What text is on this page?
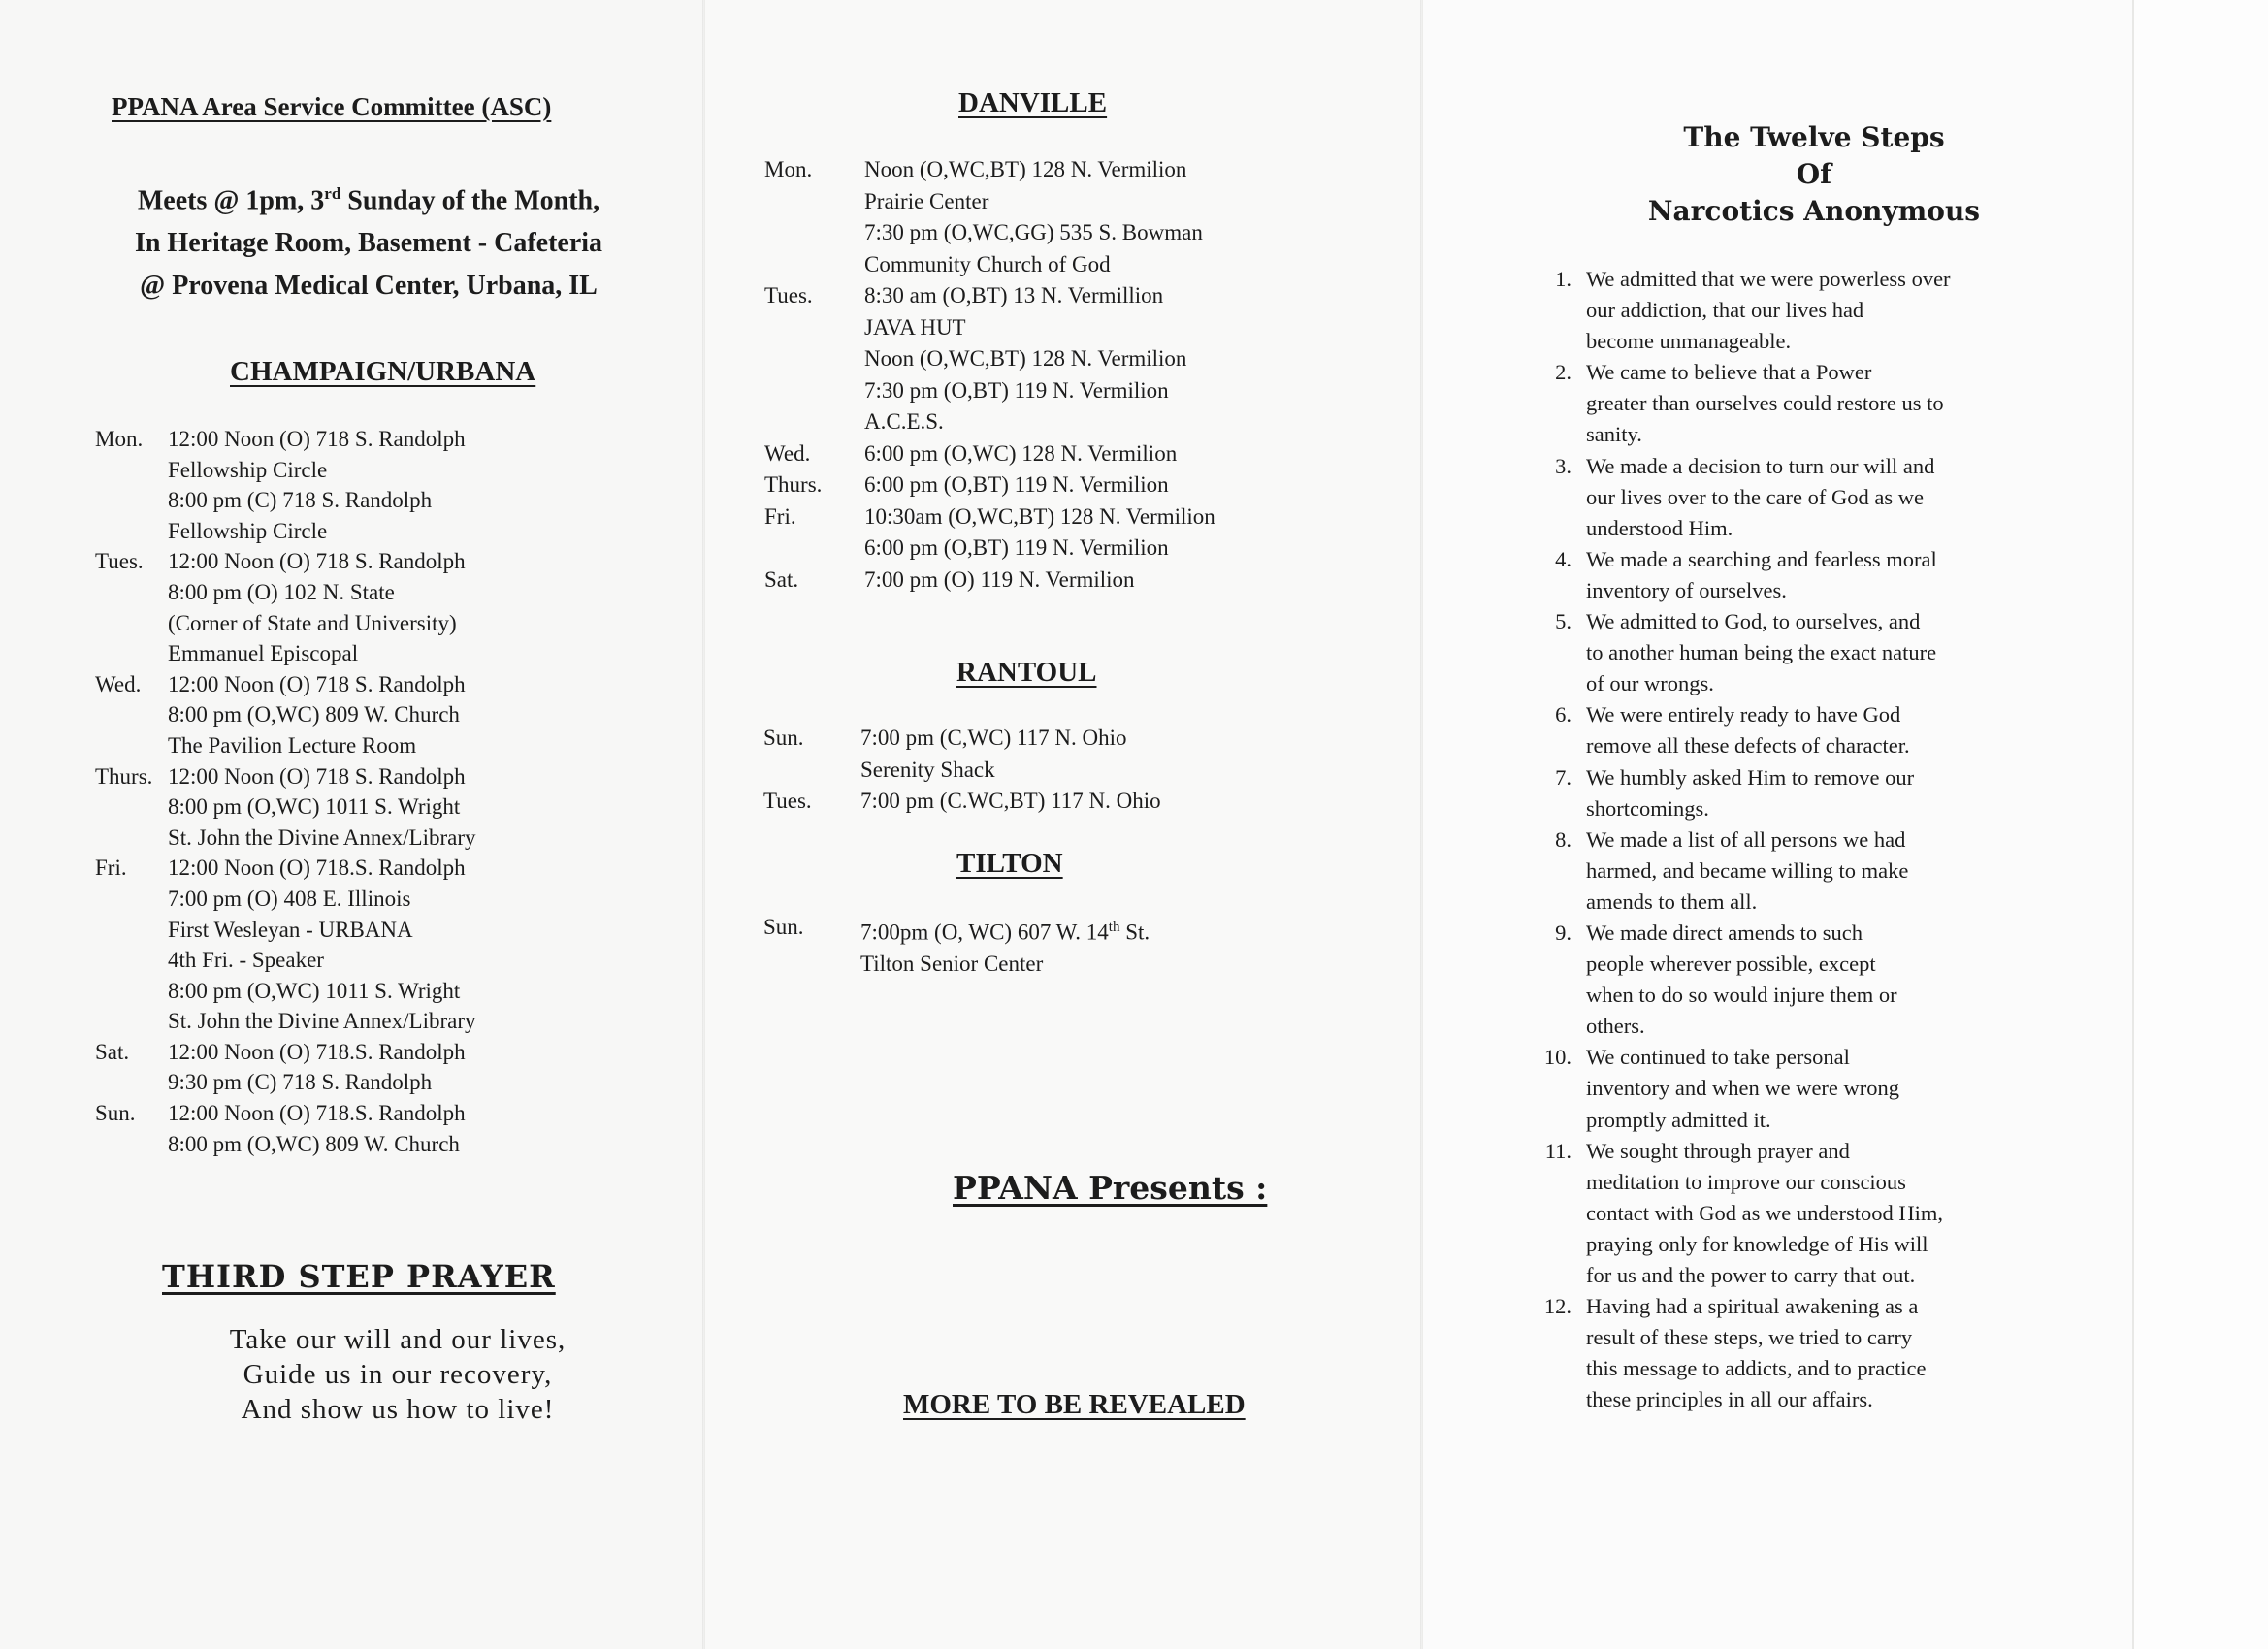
PPANA Area Service Committee (ASC)
Meets @ 1pm, 3rd Sunday of the Month,
In Heritage Room, Basement - Cafeteria
@ Provena Medical Center, Urbana, IL
CHAMPAIGN/URBANA
Mon.	12:00 Noon (O) 718 S. Randolph
Fellowship Circle
8:00 pm (C) 718 S. Randolph
Fellowship Circle
Tues.	12:00 Noon (O) 718 S. Randolph
8:00 pm (O) 102 N. State
(Corner of State and University)
Emmanuel Episcopal
Wed.	12:00 Noon (O) 718 S. Randolph
8:00 pm (O,WC) 809 W. Church
The Pavilion Lecture Room
Thurs. 12:00 Noon (O) 718 S. Randolph
8:00 pm (O,WC) 1011 S. Wright
St. John the Divine Annex/Library
Fri.	12:00 Noon (O) 718.S. Randolph
7:00 pm (O) 408 E. Illinois
First Wesleyan - URBANA
4th Fri. - Speaker
8:00 pm (O,WC) 1011 S. Wright
St. John the Divine Annex/Library
Sat.	12:00 Noon (O) 718.S. Randolph
9:30 pm (C) 718 S. Randolph
Sun.	12:00 Noon (O) 718.S. Randolph
8:00 pm (O,WC) 809 W. Church
THIRD STEP PRAYER
Take our will and our lives,
Guide us in our recovery,
And show us how to live!
DANVILLE
Mon.	Noon (O,WC,BT) 128 N. Vermilion
Prairie Center
7:30 pm (O,WC,GG) 535 S. Bowman
Community Church of God
Tues.	8:30 am (O,BT) 13 N. Vermillion
JAVA HUT
Noon (O,WC,BT) 128 N. Vermilion
7:30 pm (O,BT) 119 N. Vermilion
A.C.E.S.
Wed.	6:00 pm (O,WC) 128 N. Vermilion
Thurs.	6:00 pm (O,BT) 119 N. Vermilion
Fri.	10:30am (O,WC,BT) 128 N. Vermilion
6:00 pm (O,BT) 119 N. Vermilion
Sat.	7:00 pm (O) 119 N. Vermilion
RANTOUL
Sun.	7:00 pm (C,WC) 117 N. Ohio
Serenity Shack
Tues.	7:00 pm (C.WC,BT) 117 N. Ohio
TILTON
Sun.	7:00pm (O, WC) 607 W. 14th St.
Tilton Senior Center
PPANA Presents :
MORE TO BE REVEALED
The Twelve Steps
Of
Narcotics Anonymous
1. We admitted that we were powerless over
our addiction, that our lives had
become unmanageable.
2. We came to believe that a Power
greater than ourselves could restore us to
sanity.
3. We made a decision to turn our will and
our lives over to the care of God as we
understood Him.
4. We made a searching and fearless moral
inventory of ourselves.
5. We admitted to God, to ourselves, and
to another human being the exact nature
of our wrongs.
6. We were entirely ready to have God
remove all these defects of character.
7. We humbly asked Him to remove our
shortcomings.
8. We made a list of all persons we had
harmed, and became willing to make
amends to them all.
9. We made direct amends to such
people wherever possible, except
when to do so would injure them or
others.
10. We continued to take personal
inventory and when we were wrong
promptly admitted it.
11. We sought through prayer and
meditation to improve our conscious
contact with God as we understood Him,
praying only for knowledge of His will
for us and the power to carry that out.
12. Having had a spiritual awakening as a
result of these steps, we tried to carry
this message to addicts, and to practice
these principles in all our affairs.
